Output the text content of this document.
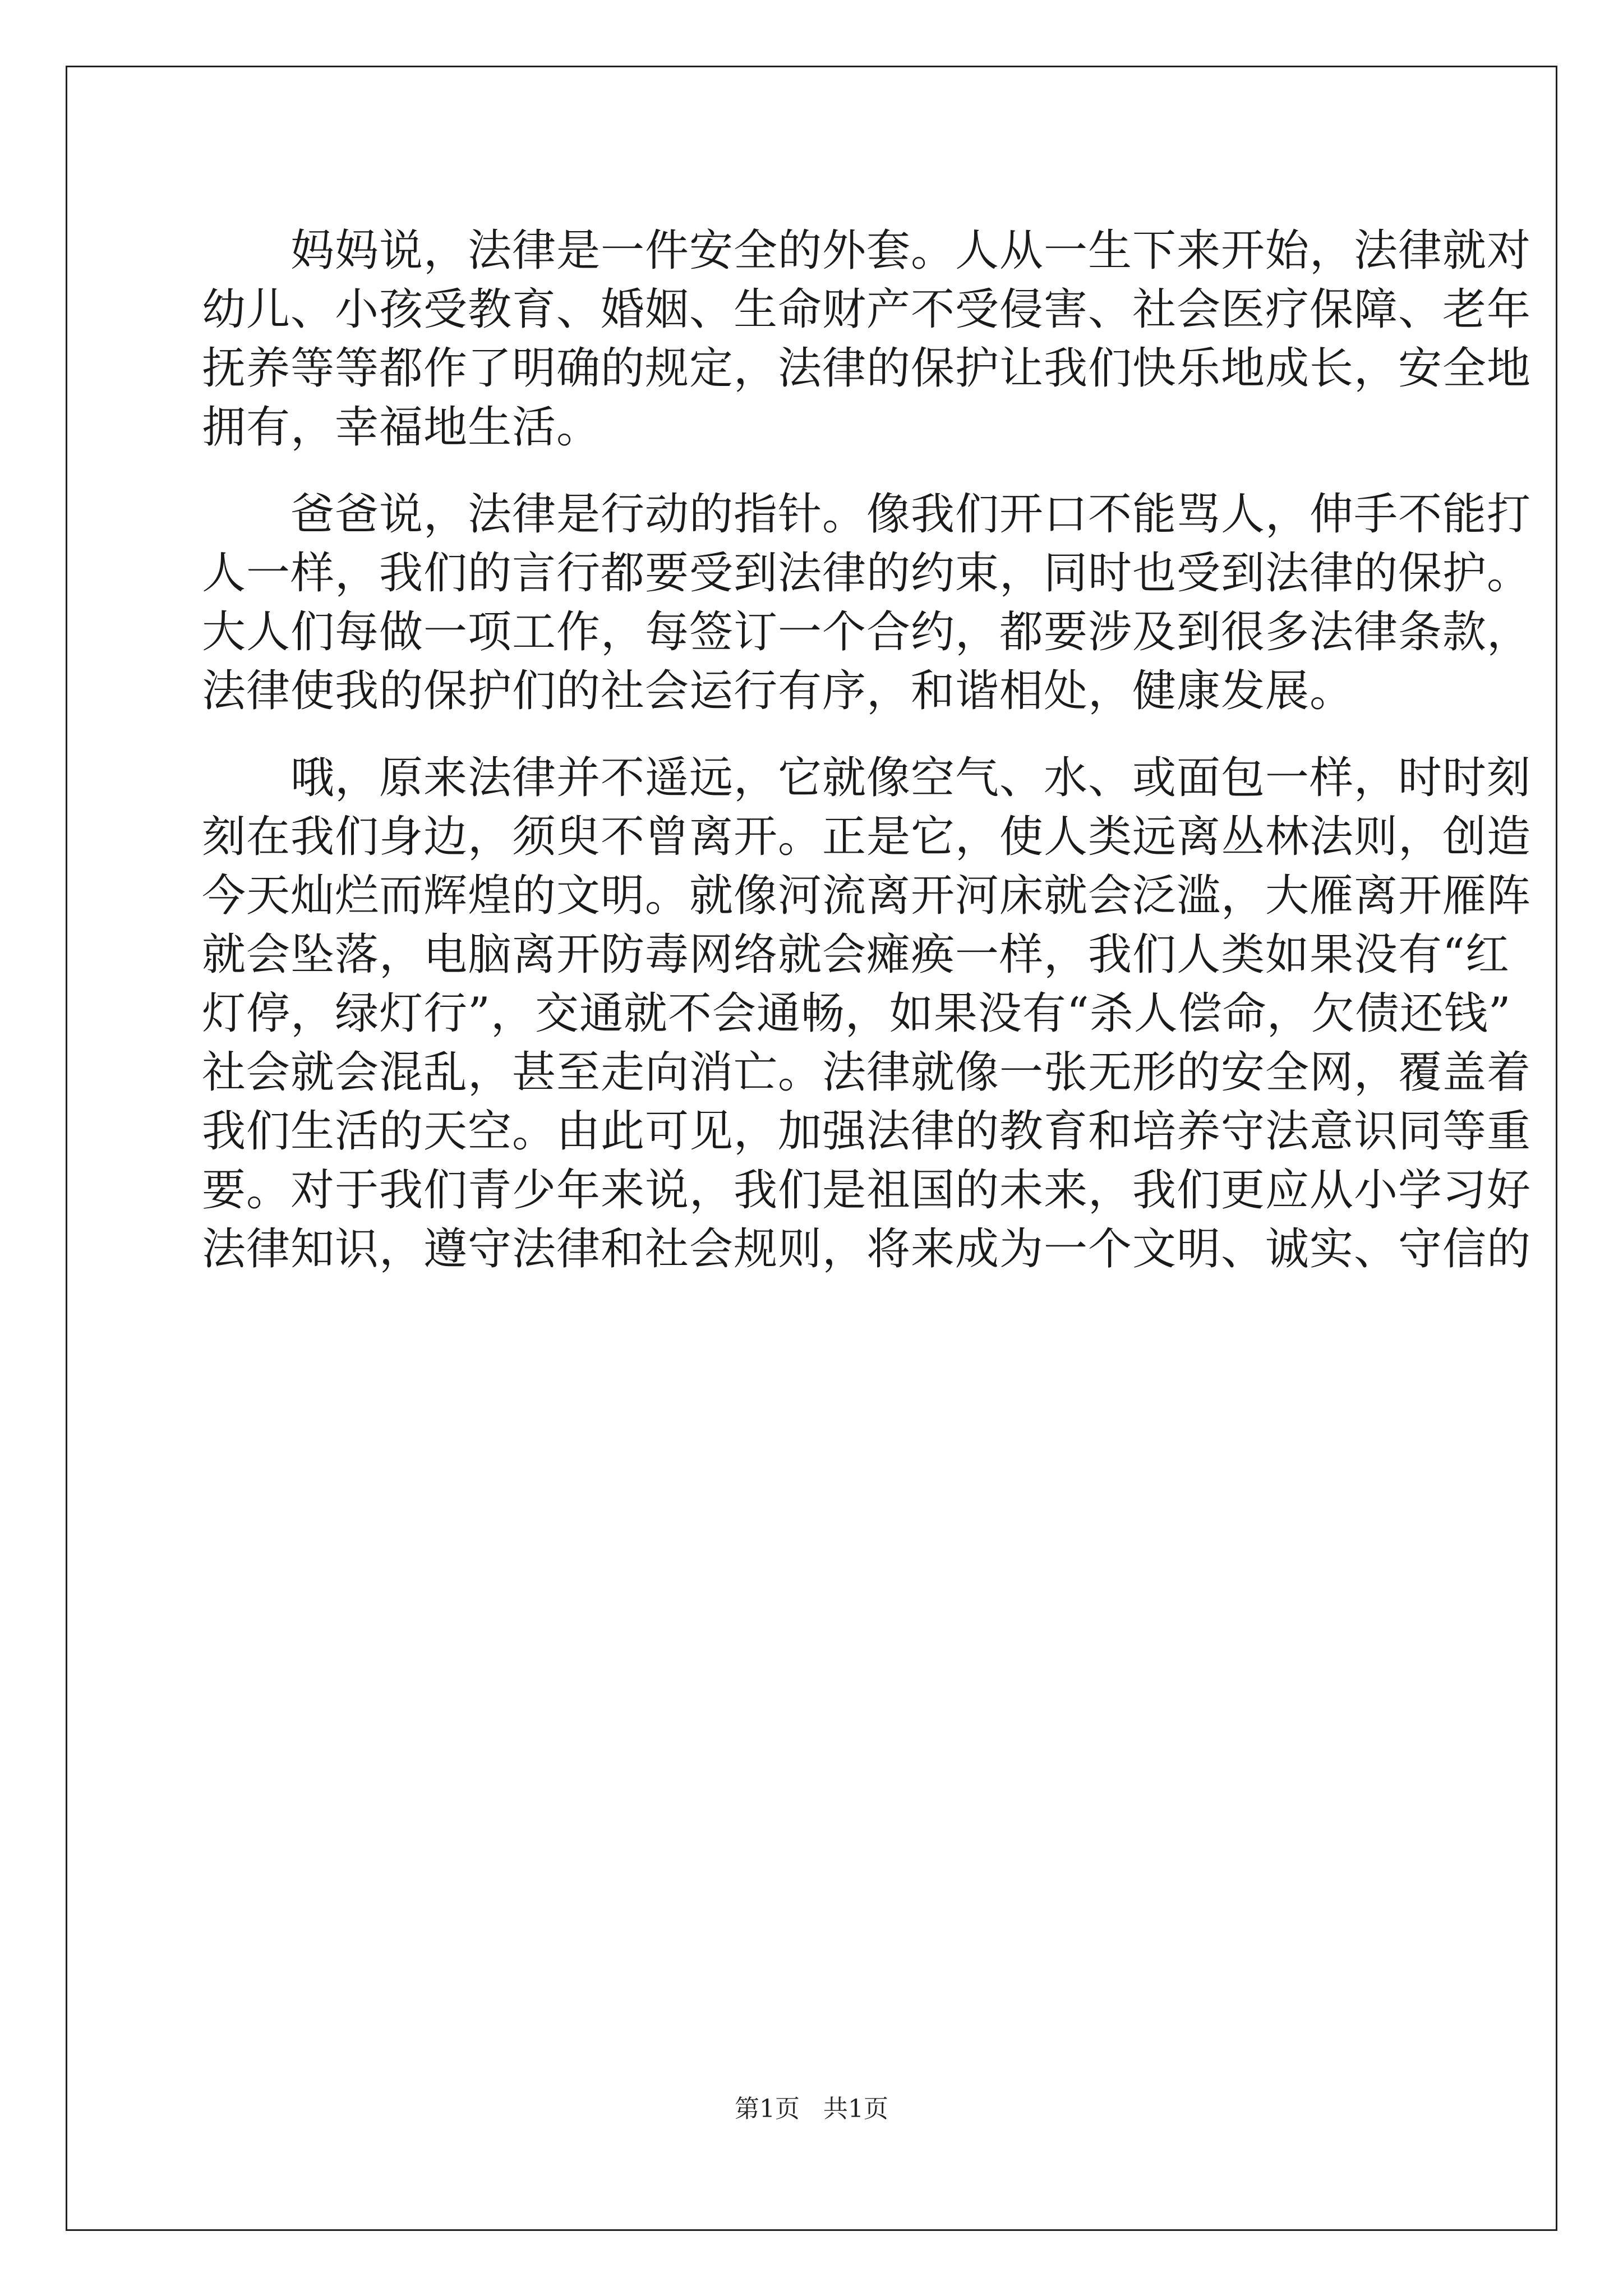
　　妈妈说，法律是一件安全的外套。人从一生下来开始，法律就对
幼儿、小孩受教育、婚姻、生命财产不受侵害、社会医疗保障、老年
抚养等等都作了明确的规定，法律的保护让我们快乐地成长，安全地
拥有，幸福地生活。
　　爸爸说，法律是行动的指针。像我们开口不能骂人，伸手不能打
人一样，我们的言行都要受到法律的约束，同时也受到法律的保护。
大人们每做一项工作，每签订一个合约，都要涉及到很多法律条款，
法律使我的保护们的社会运行有序，和谐相处，健康发展。
　　哦，原来法律并不遥远，它就像空气、水、或面包一样，时时刻
刻在我们身边，须臾不曾离开。正是它，使人类远离丛林法则，创造
今天灿烂而辉煌的文明。就像河流离开河床就会泛滥，大雁离开雁阵
就会坠落，电脑离开防毒网络就会瘫痪一样，我们人类如果没有“红
灯停，绿灯行”，交通就不会通畅，如果没有“杀人偿命，欠债还钱”
社会就会混乱，甚至走向消亡。法律就像一张无形的安全网，覆盖着
我们生活的天空。由此可见，加强法律的教育和培养守法意识同等重
要。对于我们青少年来说，我们是祖国的未来，我们更应从小学习好
法律知识，遵守法律和社会规则，将来成为一个文明、诚实、守信的
第1页   共1页
